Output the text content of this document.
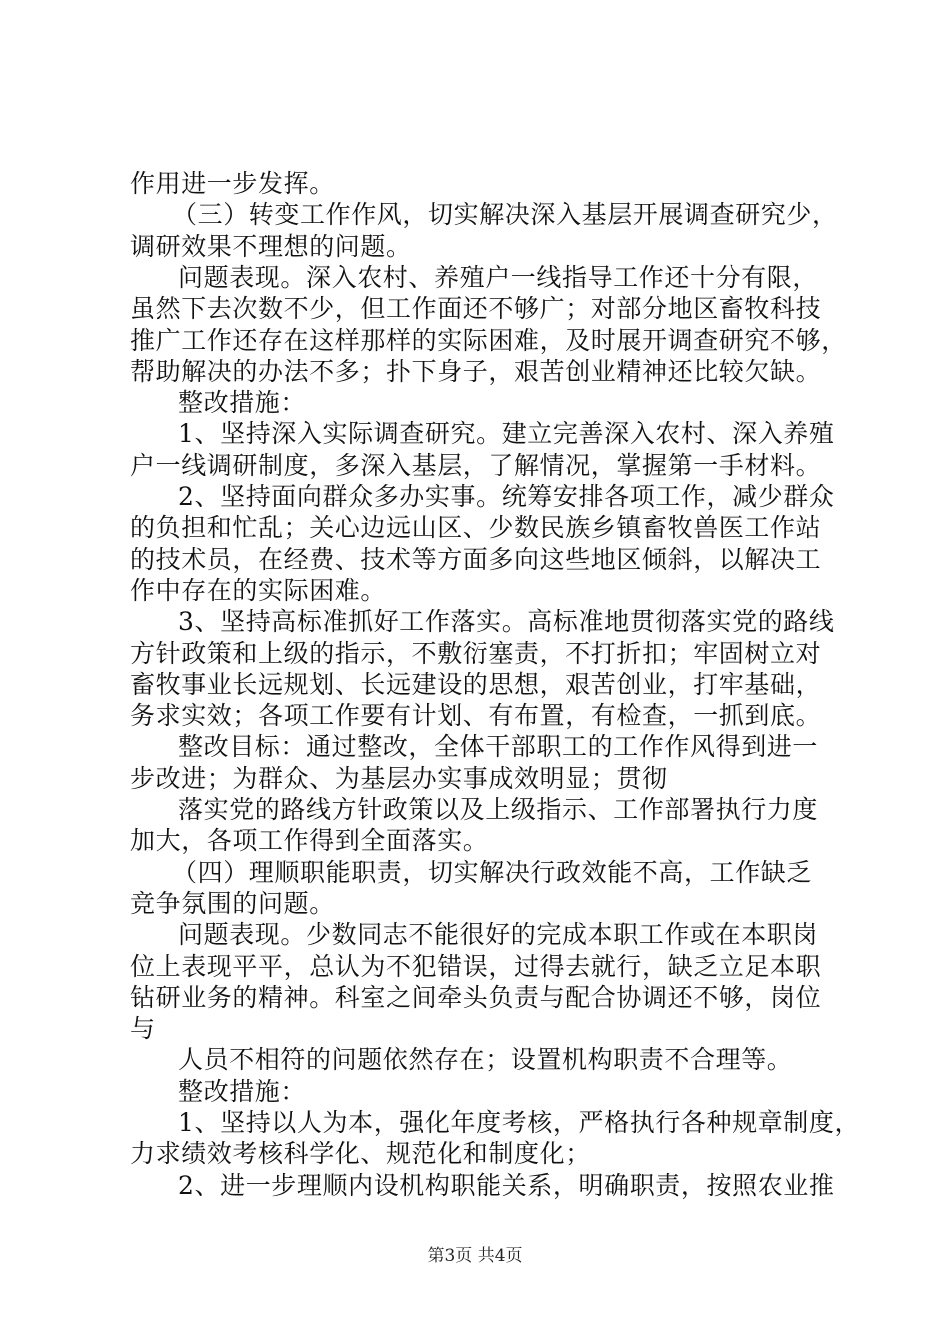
作用进一步发挥。
（三）转变工作作风，切实解决深入基层开展调查研究少，
调研效果不理想的问题。
问题表现。深入农村、养殖户一线指导工作还十分有限，
虽然下去次数不少，但工作面还不够广；对部分地区畜牧科技
推广工作还存在这样那样的实际困难，及时展开调查研究不够，
帮助解决的办法不多；扑下身子，艰苦创业精神还比较欠缺。
整改措施：
1、坚持深入实际调查研究。建立完善深入农村、深入养殖
户一线调研制度，多深入基层，了解情况，掌握第一手材料。
2、坚持面向群众多办实事。统筹安排各项工作，减少群众
的负担和忙乱；关心边远山区、少数民族乡镇畜牧兽医工作站
的技术员，在经费、技术等方面多向这些地区倾斜，以解决工
作中存在的实际困难。
3、坚持高标准抓好工作落实。高标准地贯彻落实党的路线
方针政策和上级的指示，不敷衍塞责，不打折扣；牢固树立对
畜牧事业长远规划、长远建设的思想，艰苦创业，打牢基础，
务求实效；各项工作要有计划、有布置，有检查，一抓到底。
整改目标：通过整改，全体干部职工的工作作风得到进一
步改进；为群众、为基层办实事成效明显；贯彻
落实党的路线方针政策以及上级指示、工作部署执行力度
加大，各项工作得到全面落实。
（四）理顺职能职责，切实解决行政效能不高，工作缺乏
竞争氛围的问题。
问题表现。少数同志不能很好的完成本职工作或在本职岗
位上表现平平，总认为不犯错误，过得去就行，缺乏立足本职
钻研业务的精神。科室之间牵头负责与配合协调还不够，岗位
与
人员不相符的问题依然存在；设置机构职责不合理等。
整改措施：
1、坚持以人为本，强化年度考核，严格执行各种规章制度，
力求绩效考核科学化、规范化和制度化；
2、进一步理顺内设机构职能关系，明确职责，按照农业推
第3页 共4页
